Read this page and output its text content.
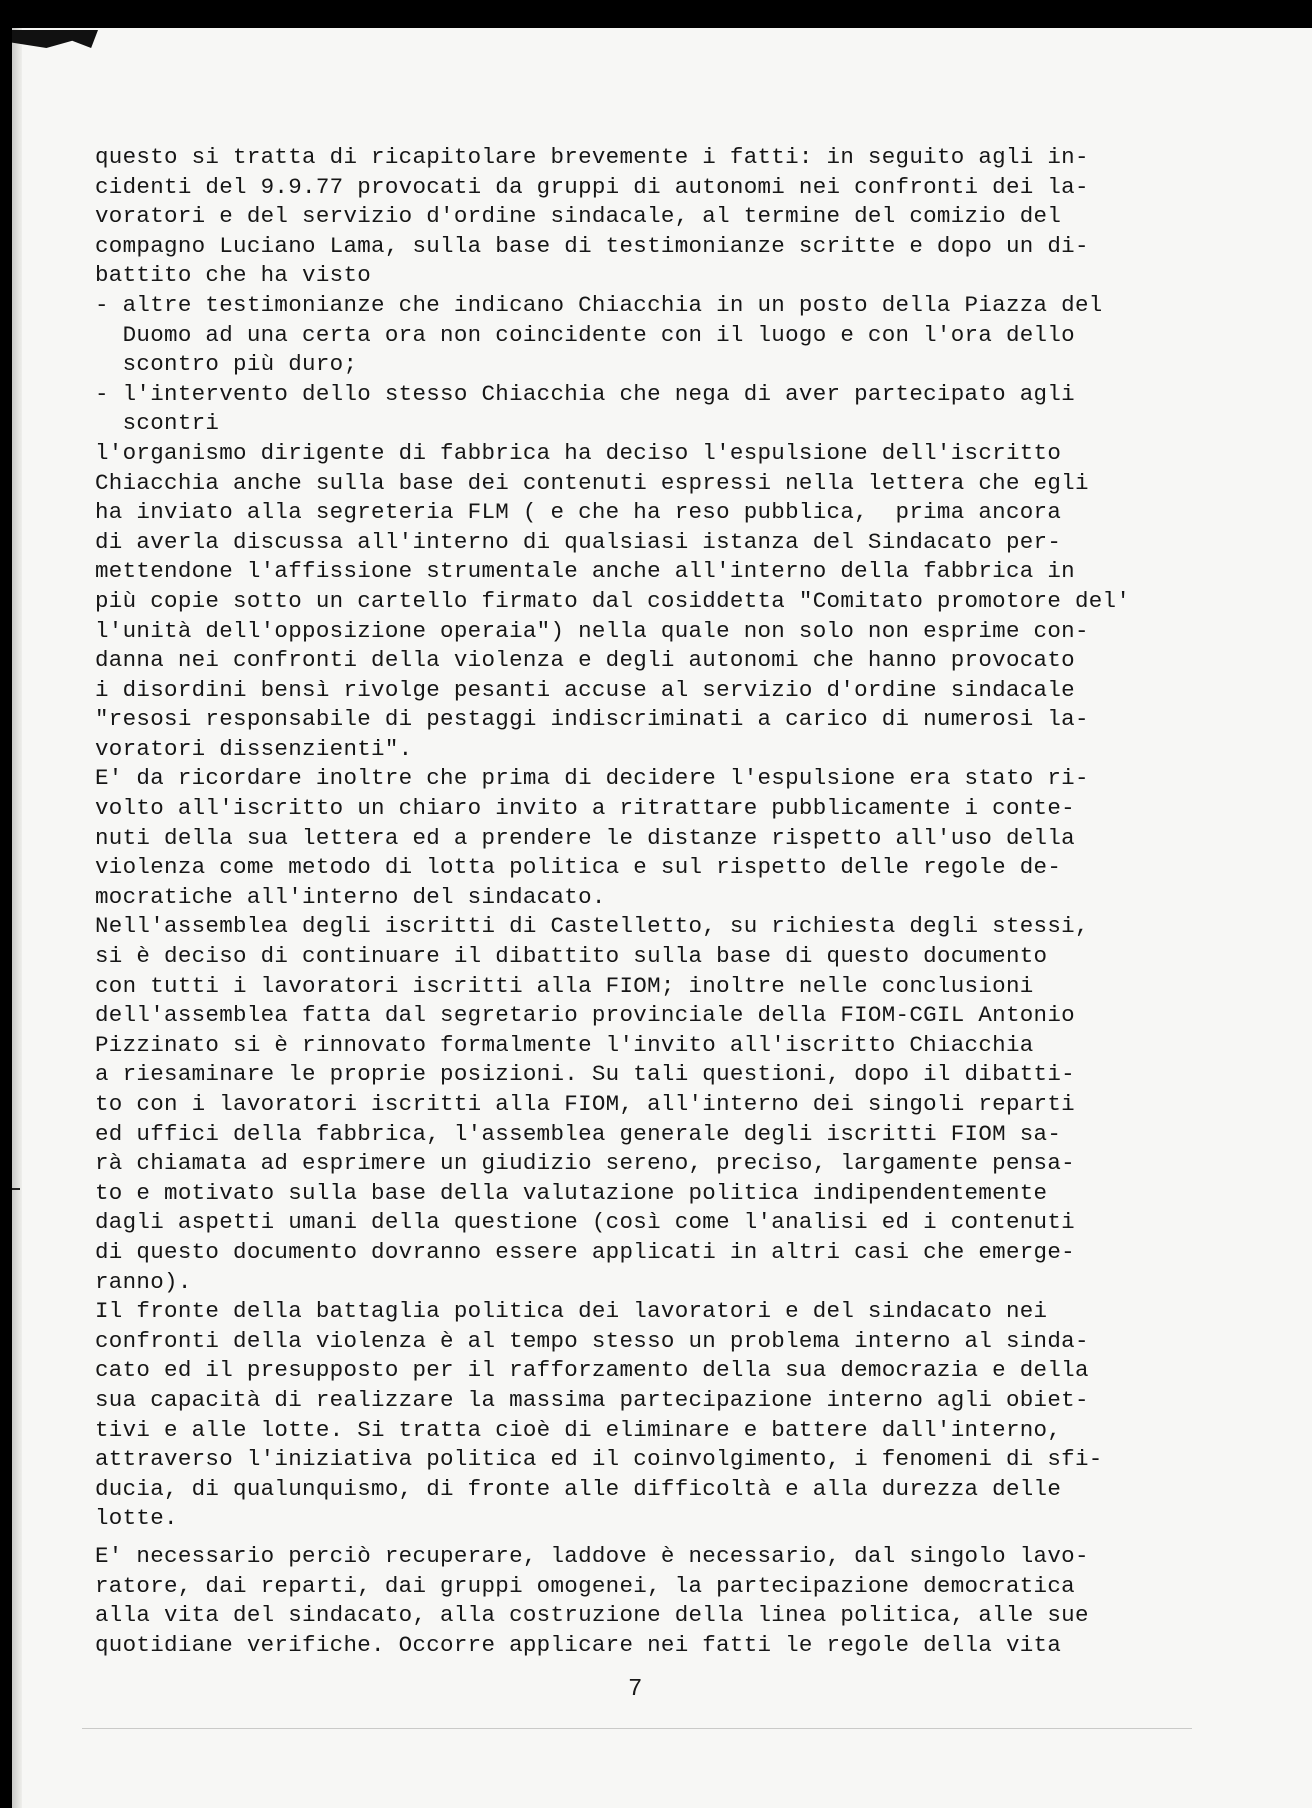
questo si tratta di ricapitolare brevemente i fatti: in seguito agli in-
cidenti del 9.9.77 provocati da gruppi di autonomi nei confronti dei la-
voratori e del servizio d'ordine sindacale, al termine del comizio del
compagno Luciano Lama, sulla base di testimonianze scritte e dopo un di-
battito che ha visto
- altre testimonianze che indicano Chiacchia in un posto della Piazza del
Duomo ad una certa ora non coincidente con il luogo e con l'ora dello
scontro più duro;
- l'intervento dello stesso Chiacchia che nega di aver partecipato agli
scontri
l'organismo dirigente di fabbrica ha deciso l'espulsione dell'iscritto
Chiacchia anche sulla base dei contenuti espressi nella lettera che egli
ha inviato alla segreteria FLM ( e che ha reso pubblica,  prima ancora
di averla discussa all'interno di qualsiasi istanza del Sindacato per-
mettendone l'affissione strumentale anche all'interno della fabbrica in
più copie sotto un cartello firmato dal cosiddetta "Comitato promotore del'
l'unità dell'opposizione operaia") nella quale non solo non esprime con-
danna nei confronti della violenza e degli autonomi che hanno provocato
i disordini bensì rivolge pesanti accuse al servizio d'ordine sindacale
"resosi responsabile di pestaggi indiscriminati a carico di numerosi la-
voratori dissenzienti".
E' da ricordare inoltre che prima di decidere l'espulsione era stato ri-
volto all'iscritto un chiaro invito a ritrattare pubblicamente i conte-
nuti della sua lettera ed a prendere le distanze rispetto all'uso della
violenza come metodo di lotta politica e sul rispetto delle regole de-
mocratiche all'interno del sindacato.
Nell'assemblea degli iscritti di Castelletto, su richiesta degli stessi,
si è deciso di continuare il dibattito sulla base di questo documento
con tutti i lavoratori iscritti alla FIOM; inoltre nelle conclusioni
dell'assemblea fatta dal segretario provinciale della FIOM-CGIL Antonio
Pizzinato si è rinnovato formalmente l'invito all'iscritto Chiacchia
a riesaminare le proprie posizioni. Su tali questioni, dopo il dibatti-
to con i lavoratori iscritti alla FIOM, all'interno dei singoli reparti
ed uffici della fabbrica, l'assemblea generale degli iscritti FIOM sa-
rà chiamata ad esprimere un giudizio sereno, preciso, largamente pensa-
to e motivato sulla base della valutazione politica indipendentemente
dagli aspetti umani della questione (così come l'analisi ed i contenuti
di questo documento dovranno essere applicati in altri casi che emerge-
ranno).
Il fronte della battaglia politica dei lavoratori e del sindacato nei
confronti della violenza è al tempo stesso un problema interno al sinda-
cato ed il presupposto per il rafforzamento della sua democrazia e della
sua capacità di realizzare la massima partecipazione interno agli obiet-
tivi e alle lotte. Si tratta cioè di eliminare e battere dall'interno,
attraverso l'iniziativa politica ed il coinvolgimento, i fenomeni di sfi-
ducia, di qualunquismo, di fronte alle difficoltà e alla durezza delle
lotte.
E' necessario perciò recuperare, laddove è necessario, dal singolo lavo-
ratore, dai reparti, dai gruppi omogenei, la partecipazione democratica
alla vita del sindacato, alla costruzione della linea politica, alle sue
quotidiane verifiche. Occorre applicare nei fatti le regole della vita
7
